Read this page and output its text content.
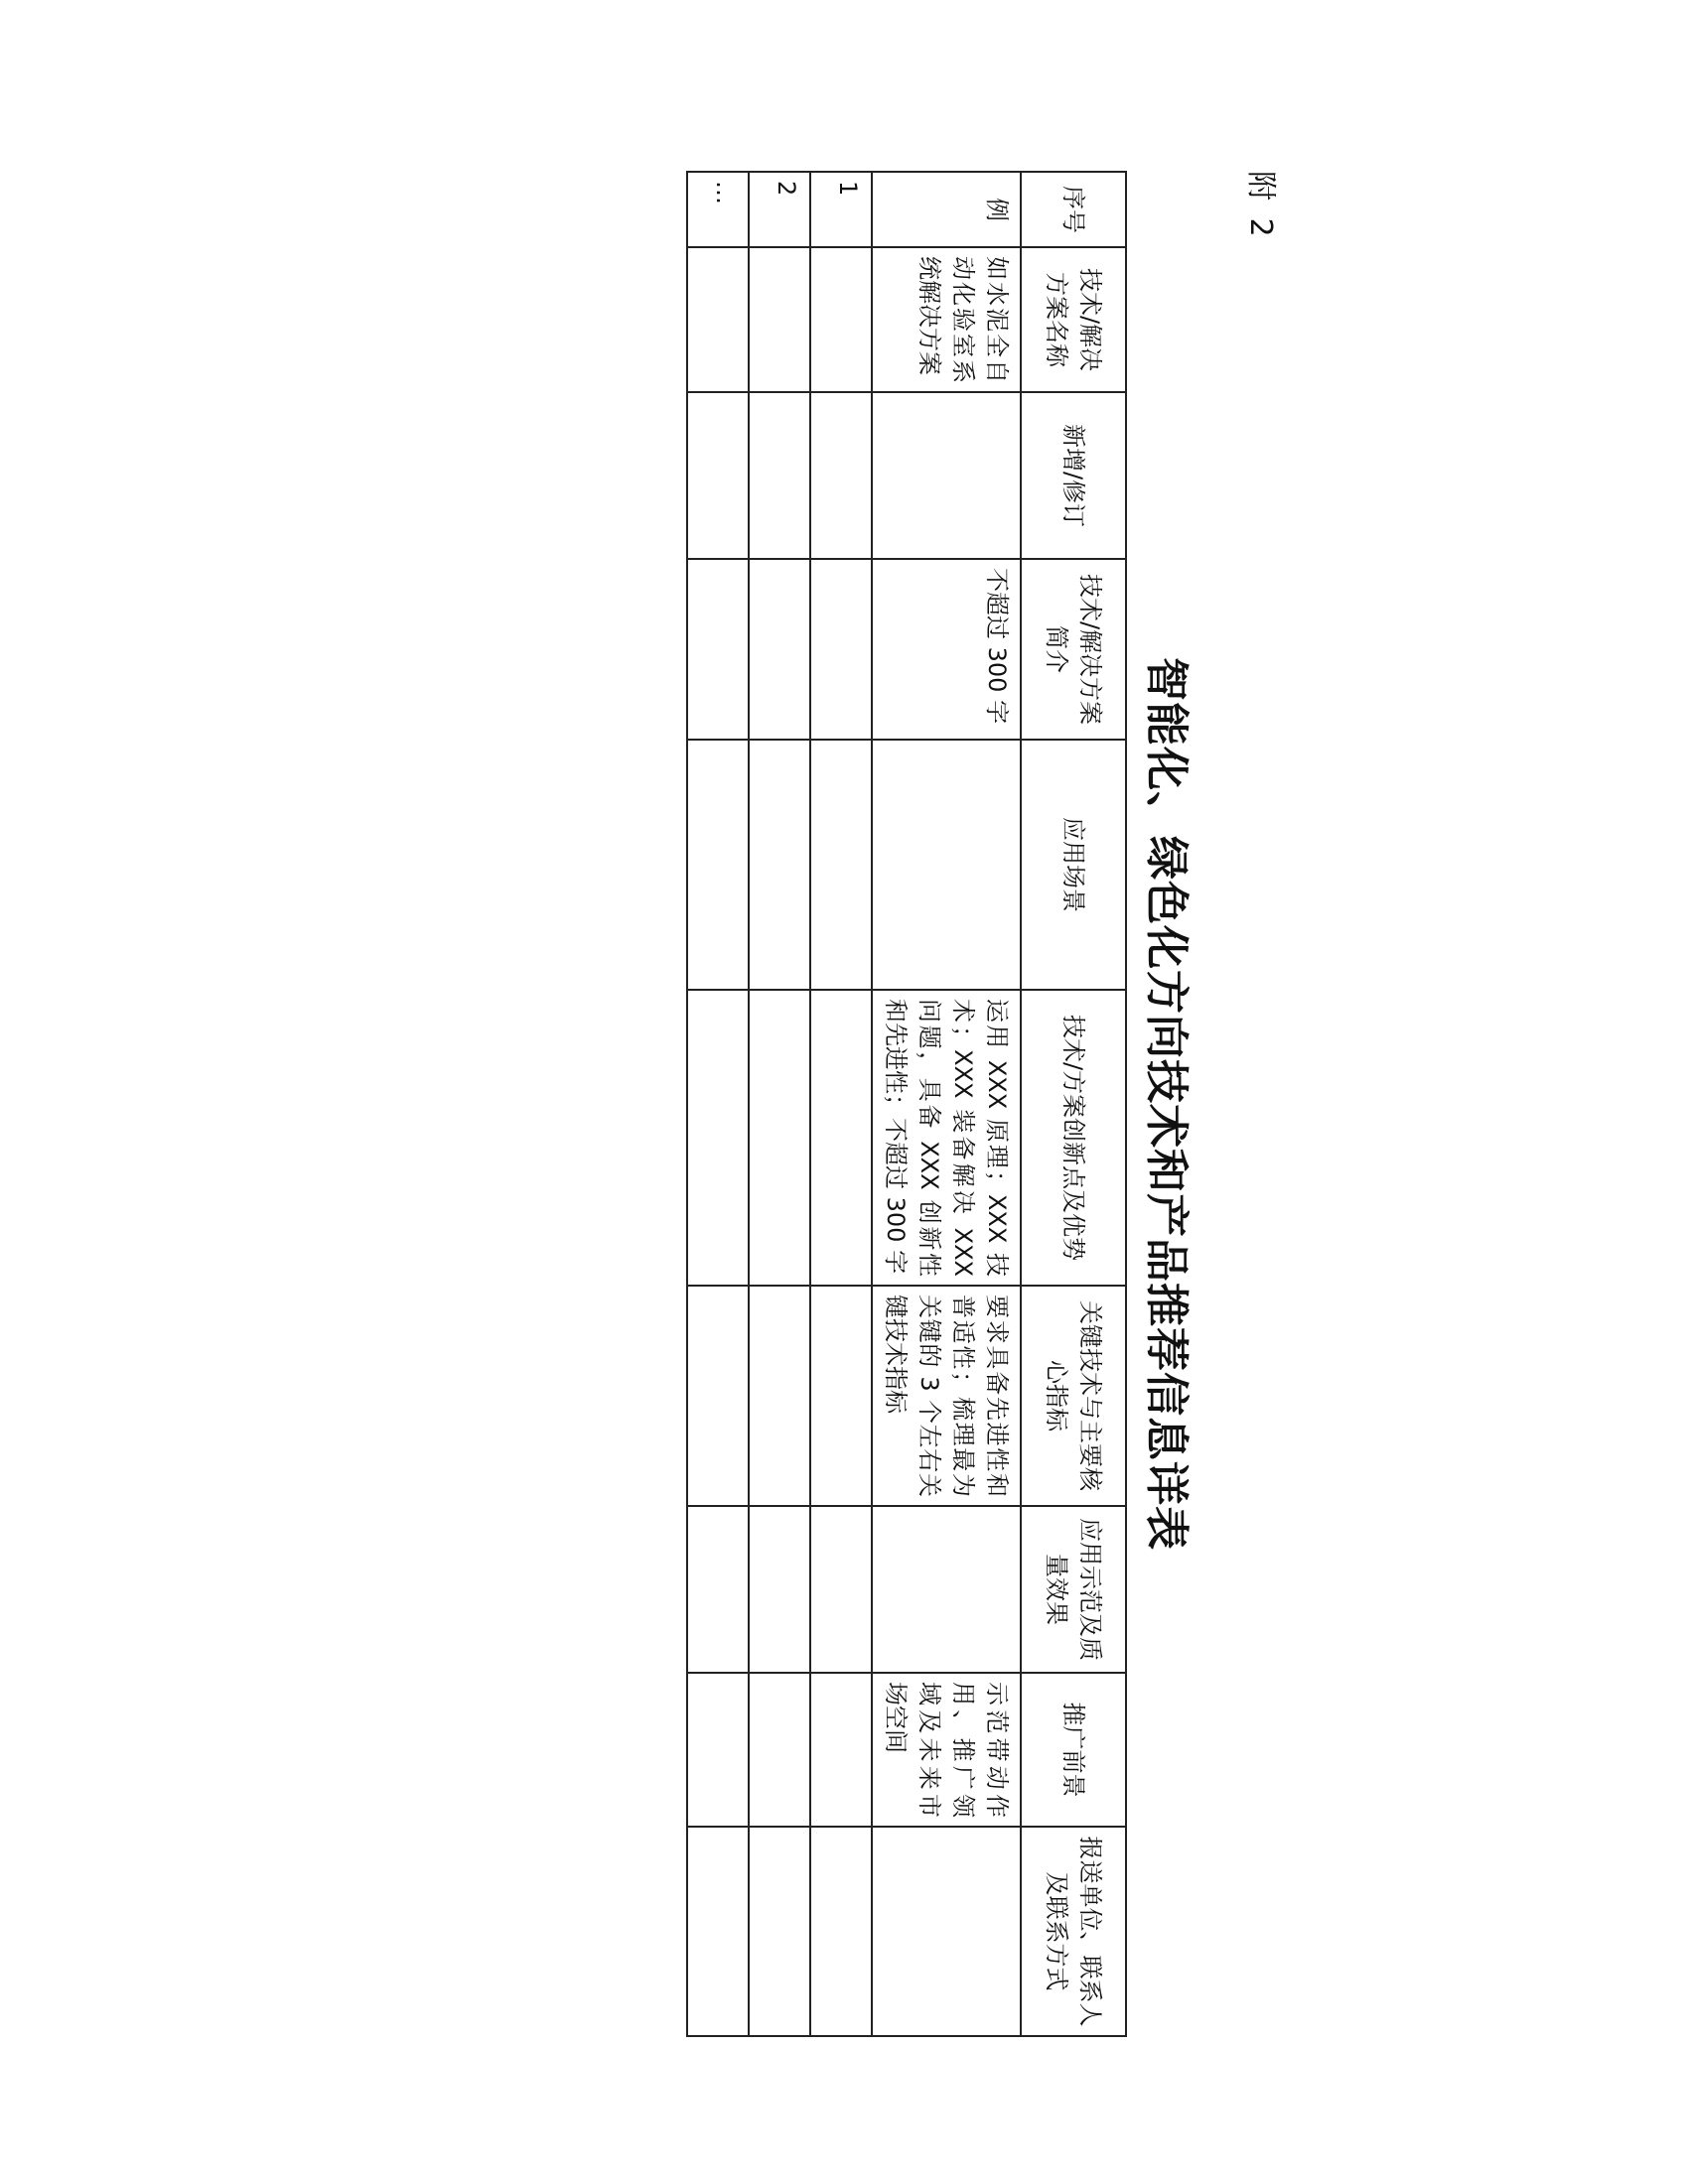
附 2
智能化、绿色化方向技术和产品推荐信息详表
序号	技术/解决方案名称	新增/修订	技术/解决方案简介	应用场景	技术/方案创新点及优势	关键技术与主要核心指标	应用示范及质量效果	推广前景	报送单位、联系人及联系方式
例	如水泥全自动化验室系统解决方案		不超过 300 字		运用 XXX 原理；XXX 技术；XXX 装备解决 XXX 问题，具备 XXX 创新性和先进性；不超过 300 字	要求具备先进性和普适性；梳理最为关键的 3 个左右关键技术指标		示范带动作用、推广领域及未来市场空间	
1									
2									
…									
